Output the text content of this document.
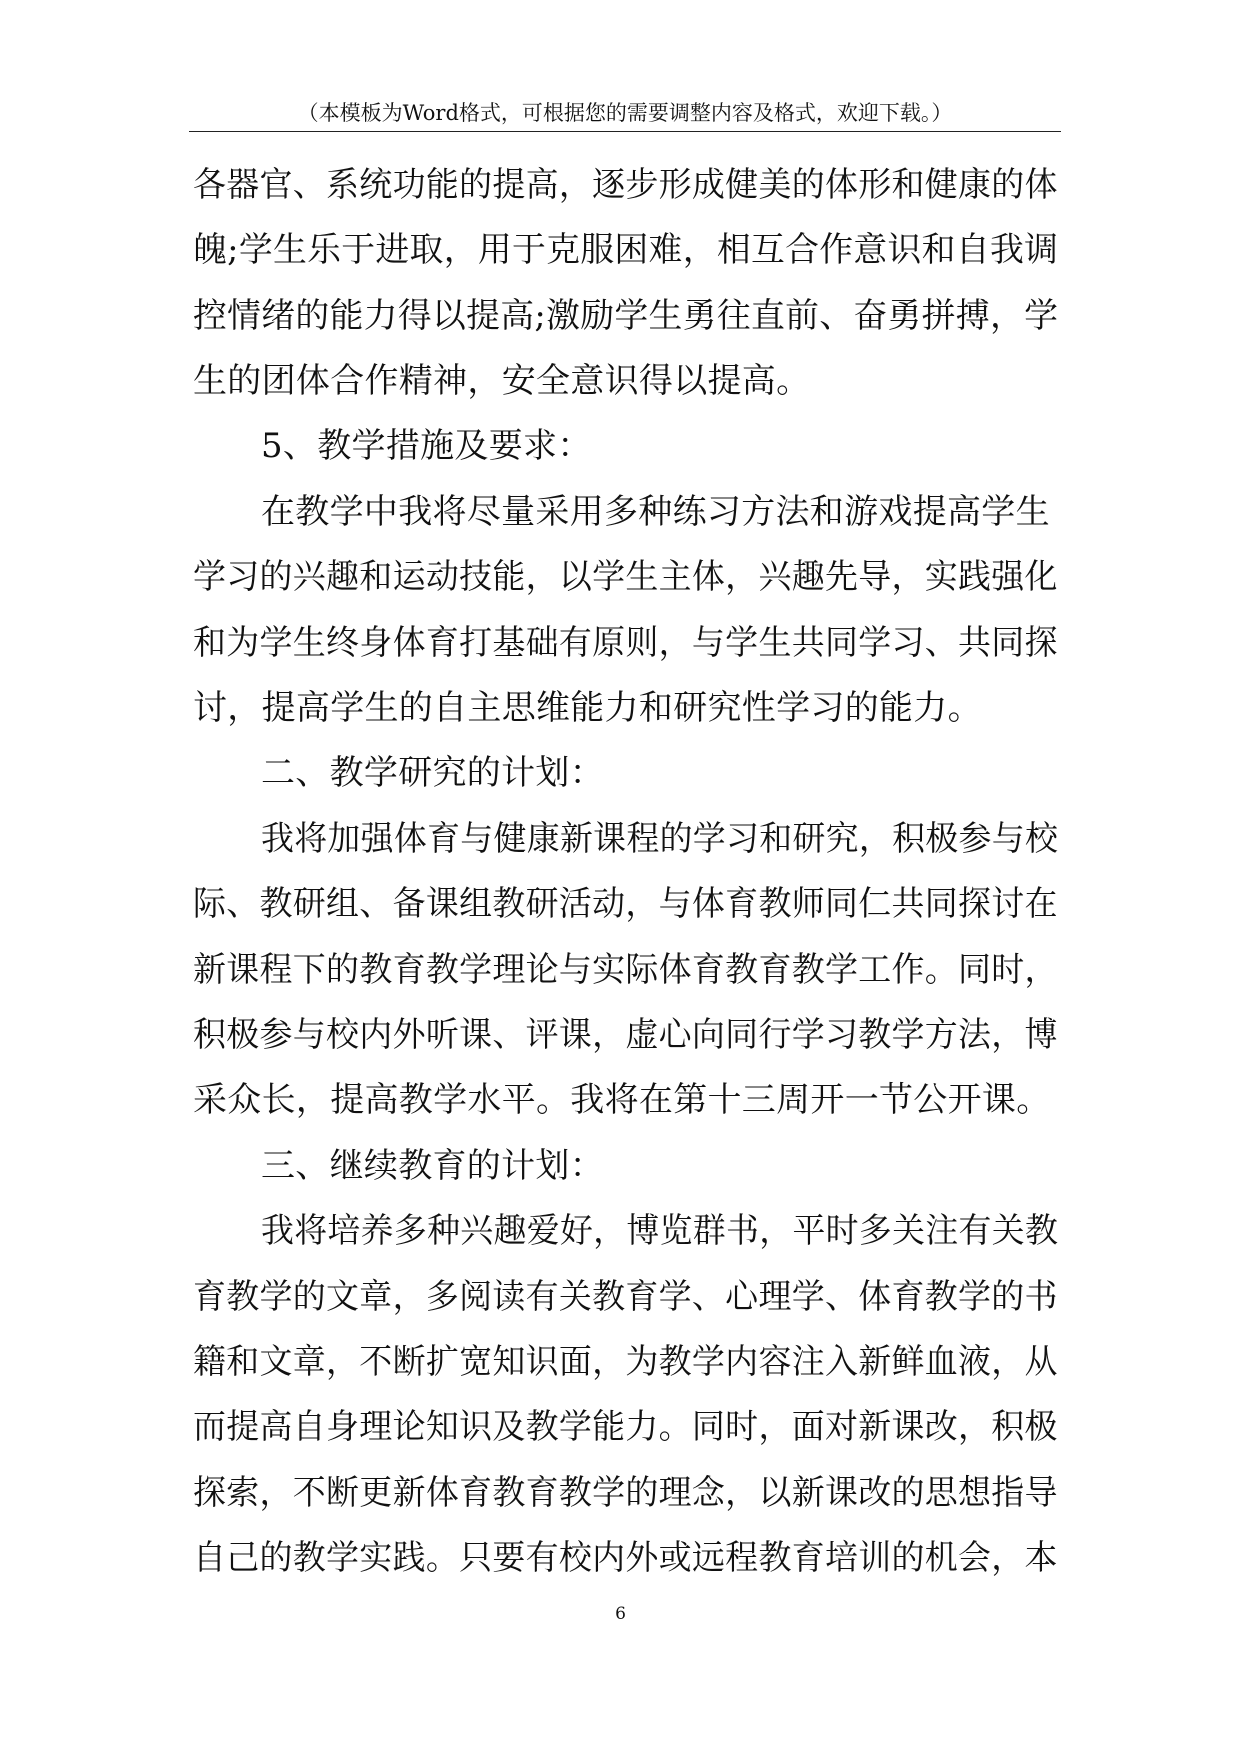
（本模板为Word格式，可根据您的需要调整内容及格式，欢迎下载。）
各器官、系统功能的提高，逐步形成健美的体形和健康的体
魄;学生乐于进取，用于克服困难，相互合作意识和自我调
控情绪的能力得以提高;激励学生勇往直前、奋勇拼搏，学
生的团体合作精神，安全意识得以提高。
5、教学措施及要求：
在教学中我将尽量采用多种练习方法和游戏提高学生
学习的兴趣和运动技能，以学生主体，兴趣先导，实践强化
和为学生终身体育打基础有原则，与学生共同学习、共同探
讨，提高学生的自主思维能力和研究性学习的能力。
二、教学研究的计划：
我将加强体育与健康新课程的学习和研究，积极参与校
际、教研组、备课组教研活动，与体育教师同仁共同探讨在
新课程下的教育教学理论与实际体育教育教学工作。同时，
积极参与校内外听课、评课，虚心向同行学习教学方法，博
采众长，提高教学水平。我将在第十三周开一节公开课。
三、继续教育的计划：
我将培养多种兴趣爱好，博览群书，平时多关注有关教
育教学的文章，多阅读有关教育学、心理学、体育教学的书
籍和文章，不断扩宽知识面，为教学内容注入新鲜血液，从
而提高自身理论知识及教学能力。同时，面对新课改，积极
探索，不断更新体育教育教学的理念，以新课改的思想指导
自己的教学实践。只要有校内外或远程教育培训的机会，本
6
